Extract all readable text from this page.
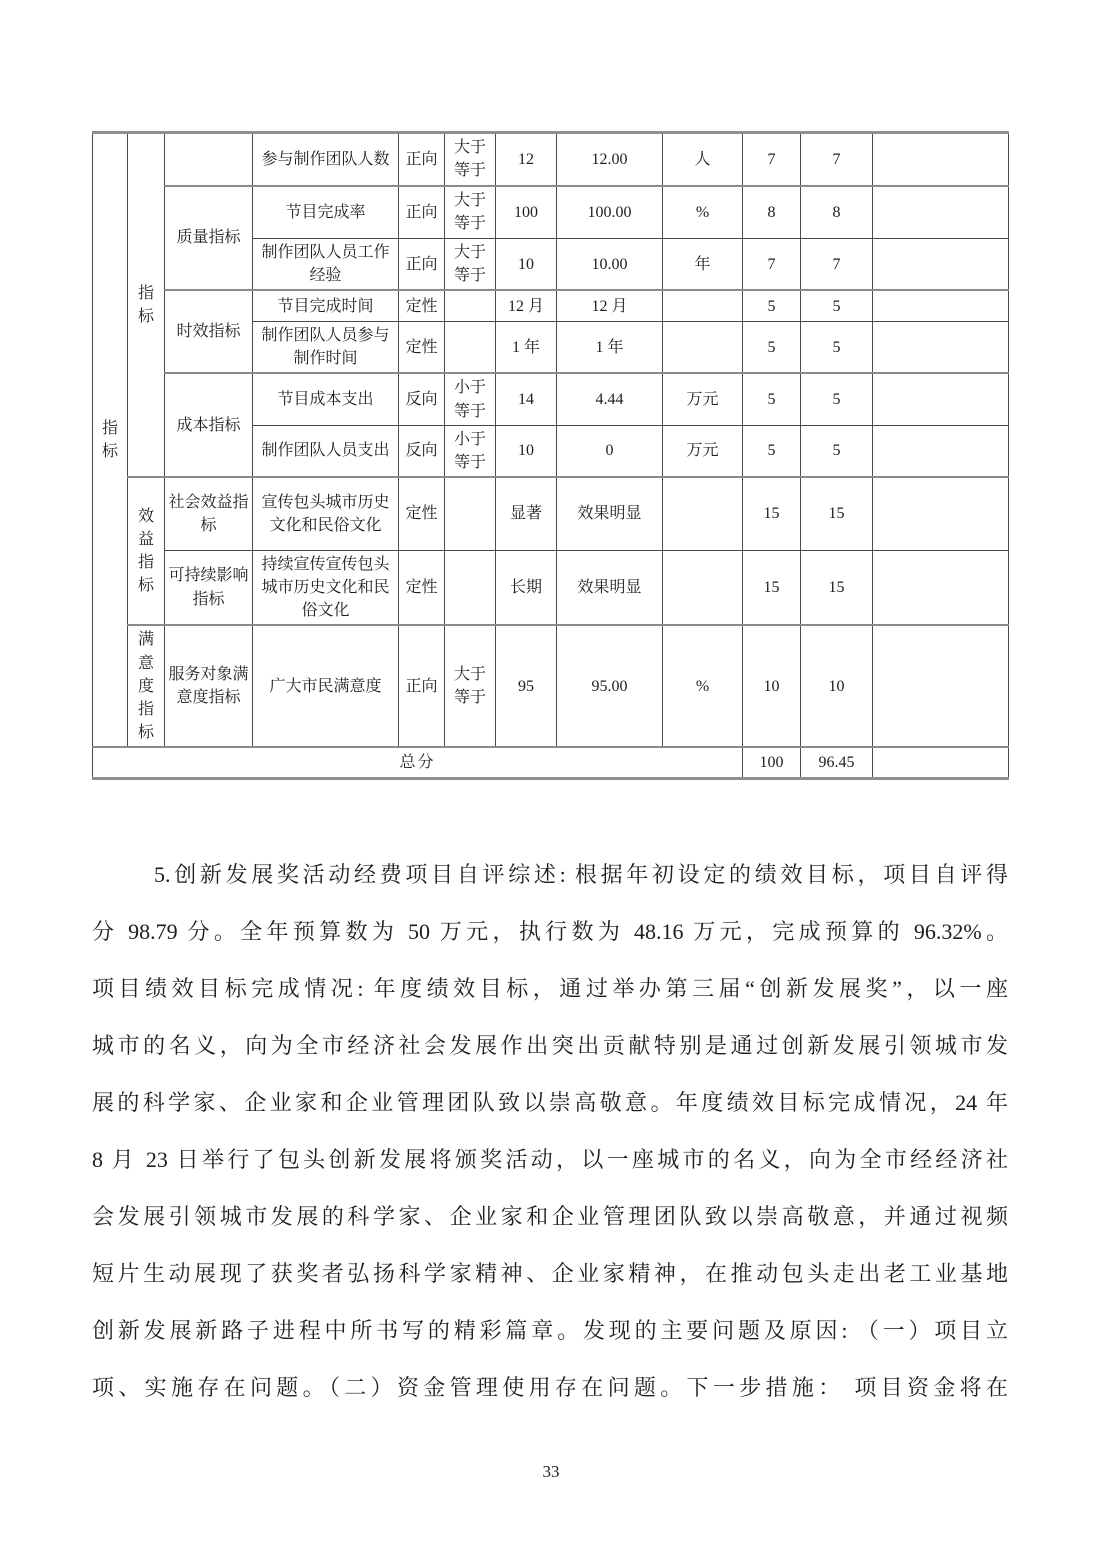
指标	指标		参与制作团队人数	正向	大于等于	12	12.00	人	7	7	
		质量指标	节目完成率	正向	大于等于	100	100.00	%	8	8	
			制作团队人员工作经验	正向	大于等于	10	10.00	年	7	7	
		时效指标	节目完成时间	定性		12 月	12 月		5	5	
			制作团队人员参与制作时间	定性		1 年	1 年		5	5	
		成本指标	节目成本支出	反向	小于等于	14	4.44	万元	5	5	
			制作团队人员支出	反向	小于等于	10	0	万元	5	5	
	效益指标	社会效益指标	宣传包头城市历史文化和民俗文化	定性		显著	效果明显		15	15	
		可持续影响指标	持续宣传宣传包头城市历史文化和民俗文化	定性		长期	效果明显		15	15	
	满意度指标	服务对象满意度指标	广大市民满意度	正向	大于等于	95	95.00	%	10	10	
总分									100	96.45	
5.创新发展奖活动经费项目自评综述: 根据年初设定的绩效目标，项目自评得
分 98.79 分。全年预算数为 50 万元，执行数为 48.16 万元，完成预算的 96.32%。
项目绩效目标完成情况: 年度绩效目标，通过举办第三届“创新发展奖”，以一座
城市的名义，向为全市经济社会发展作出突出贡献特别是通过创新发展引领城市发
展的科学家、企业家和企业管理团队致以崇高敬意。年度绩效目标完成情况，24 年
8 月 23 日举行了包头创新发展将颁奖活动，以一座城市的名义，向为全市经经济社
会发展引领城市发展的科学家、企业家和企业管理团队致以崇高敬意，并通过视频
短片生动展现了获奖者弘扬科学家精神、企业家精神，在推动包头走出老工业基地
创新发展新路子进程中所书写的精彩篇章。发现的主要问题及原因: （一）项目立
项、实施存在问题。（二）资金管理使用存在问题。下一步措施： 项目资金将在
33
